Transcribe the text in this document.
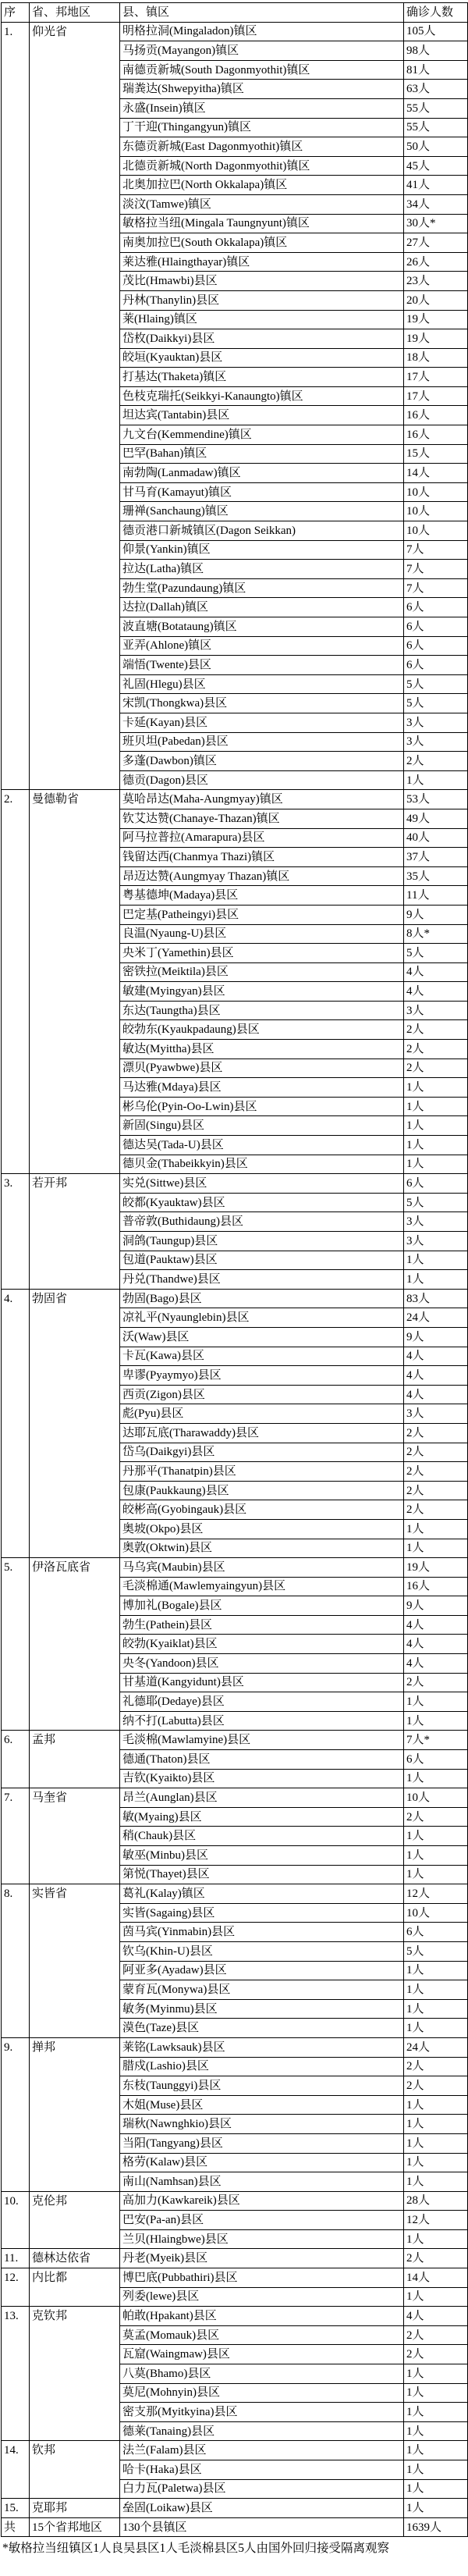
序	省、邦地区	县、镇区	确诊人数
1.	仰光省	明格拉洞(Mingaladon)镇区	105人
		马扬贡(Mayangon)镇区	98人
		南德贡新城(South Dagonmyothit)镇区	81人
		瑞粪达(Shwepyitha)镇区	63人
		永盛(Insein)镇区	55人
		丁干迎(Thingangyun)镇区	55人
		东德贡新城(East Dagonmyothit)镇区	50人
		北德贡新城(North Dagonmyothit)镇区	45人
		北奥加拉巴(North Okkalapa)镇区	41人
		淡汶(Tamwe)镇区	34人
		敏格拉当纽(Mingala Taungnyunt)镇区	30人*
		南奥加拉巴(South Okkalapa)镇区	27人
		莱达雅(Hlaingthayar)镇区	26人
		茂比(Hmawbi)县区	23人
		丹林(Thanylin)县区	20人
		莱(Hlaing)镇区	19人
		岱枚(Daikkyi)县区	19人
		皎垣(Kyauktan)县区	18人
		打基达(Thaketa)镇区	17人
		色枝克瑞托(Seikkyi-Kanaungto)镇区	17人
		坦达宾(Tantabin)县区	16人
		九文台(Kemmendine)镇区	16人
		巴罕(Bahan)镇区	15人
		南勃陶(Lanmadaw)镇区	14人
		甘马育(Kamayut)镇区	10人
		珊禅(Sanchaung)镇区	10人
		德贡港口新城镇区(Dagon Seikkan)	10人
		仰景(Yankin)镇区	7人
		拉达(Latha)镇区	7人
		勃生堂(Pazundaung)镇区	7人
		达拉(Dallah)镇区	6人
		波直塘(Botataung)镇区	6人
		亚弄(Ahlone)镇区	6人
		端悟(Twente)县区	6人
		礼固(Hlegu)县区	5人
		宋凯(Thongkwa)县区	5人
		卡延(Kayan)县区	3人
		班贝坦(Pabedan)县区	3人
		多蓬(Dawbon)镇区	2人
		德贡(Dagon)县区	1人
2.	曼德勒省	莫哈昂达(Maha-Aungmyay)镇区	53人
		钦艾达赞(Chanaye-Thazan)镇区	49人
		阿马拉普拉(Amarapura)县区	40人
		钱留达西(Chanmya Thazi)镇区	37人
		昂迈达赞(Aungmyay Thazan)镇区	35人
		粤基德坤(Madaya)县区	11人
		巴定基(Patheingyi)县区	9人
		良温(Nyaung-U)县区	8人*
		央米丁(Yamethin)县区	5人
		密铁拉(Meiktila)县区	4人
		敏建(Myingyan)县区	4人
		东达(Taungtha)县区	3人
		皎勃东(Kyaukpadaung)县区	2人
		敏达(Myittha)县区	2人
		漂贝(Pyawbwe)县区	2人
		马达雅(Mdaya)县区	1人
		彬乌伦(Pyin-Oo-Lwin)县区	1人
		新固(Singu)县区	1人
		德达吴(Tada-U)县区	1人
		德贝金(Thabeikkyin)县区	1人
3.	若开邦	实兑(Sittwe)县区	6人
		皎都(Kyauktaw)县区	5人
		普帝敦(Buthidaung)县区	3人
		洞鸽(Taungup)县区	3人
		包道(Pauktaw)县区	1人
		丹兑(Thandwe)县区	1人
4.	勃固省	勃固(Bago)县区	83人
		凉礼平(Nyaunglebin)县区	24人
		沃(Waw)县区	9人
		卡瓦(Kawa)县区	4人
		卑谬(Pyaymyo)县区	4人
		西贡(Zigon)县区	4人
		彪(Pyu)县区	3人
		达耶瓦底(Tharawaddy)县区	2人
		岱乌(Daikgyi)县区	2人
		丹那平(Thanatpin)县区	2人
		包康(Paukkaung)县区	2人
		皎彬高(Gyobingauk)县区	2人
		奥坡(Okpo)县区	1人
		奥敦(Oktwin)县区	1人
5.	伊洛瓦底省	马乌宾(Maubin)县区	19人
		毛淡棉通(Mawlemyaingyun)县区	16人
		博加礼(Bogale)县区	9人
		勃生(Pathein)县区	4人
		皎勃(Kyaiklat)县区	4人
		央冬(Yandoon)县区	4人
		甘基道(Kangyidunt)县区	2人
		礼德耶(Dedaye)县区	1人
		纳不打(Labutta)县区	1人
6.	孟邦	毛淡棉(Mawlamyine)县区	7人*
		德通(Thaton)县区	6人
		吉钦(Kyaikto)县区	1人
7.	马奎省	昂兰(Aunglan)县区	10人
		敏(Myaing)县区	2人
		稍(Chauk)县区	1人
		敏巫(Minbu)县区	1人
		第悦(Thayet)县区	1人
8.	实皆省	葛礼(Kalay)镇区	12人
		实皆(Sagaing)县区	10人
		茵马宾(Yinmabin)县区	6人
		钦乌(Khin-U)县区	5人
		阿亚多(Ayadaw)县区	1人
		蒙育瓦(Monywa)县区	1人
		敏务(Myinmu)县区	1人
		漠色(Taze)县区	1人
9.	掸邦	莱铭(Lawksauk)县区	24人
		腊戍(Lashio)县区	2人
		东枝(Taunggyi)县区	2人
		木姐(Muse)县区	1人
		瑞秋(Nawnghkio)县区	1人
		当阳(Tangyang)县区	1人
		格劳(Kalaw)县区	1人
		南山(Namhsan)县区	1人
10.	克伦邦	高加力(Kawkareik)县区	28人
		巴安(Pa-an)县区	12人
		兰贝(Hlaingbwe)县区	1人
11.	德林达依省	丹老(Myeik)县区	2人
12.	内比都	博巴底(Pubbathiri)县区	14人
		列委(lewe)县区	1人
13.	克钦邦	帕敢(Hpakant)县区	4人
		莫孟(Momauk)县区	2人
		瓦窟(Waingmaw)县区	2人
		八莫(Bhamo)县区	1人
		莫尼(Mohnyin)县区	1人
		密支那(Myitkyina)县区	1人
		德莱(Tanaing)县区	1人
14.	钦邦	法兰(Falam)县区	1人
		哈卡(Haka)县区	1人
		白力瓦(Paletwa)县区	1人
15.	克耶邦	垒固(Loikaw)县区	1人
共	15个省邦地区	130个县镇区	1639人
*敏格拉当纽镇区1人良吴县区1人毛淡棉县区5人由国外回归接受隔离观察
